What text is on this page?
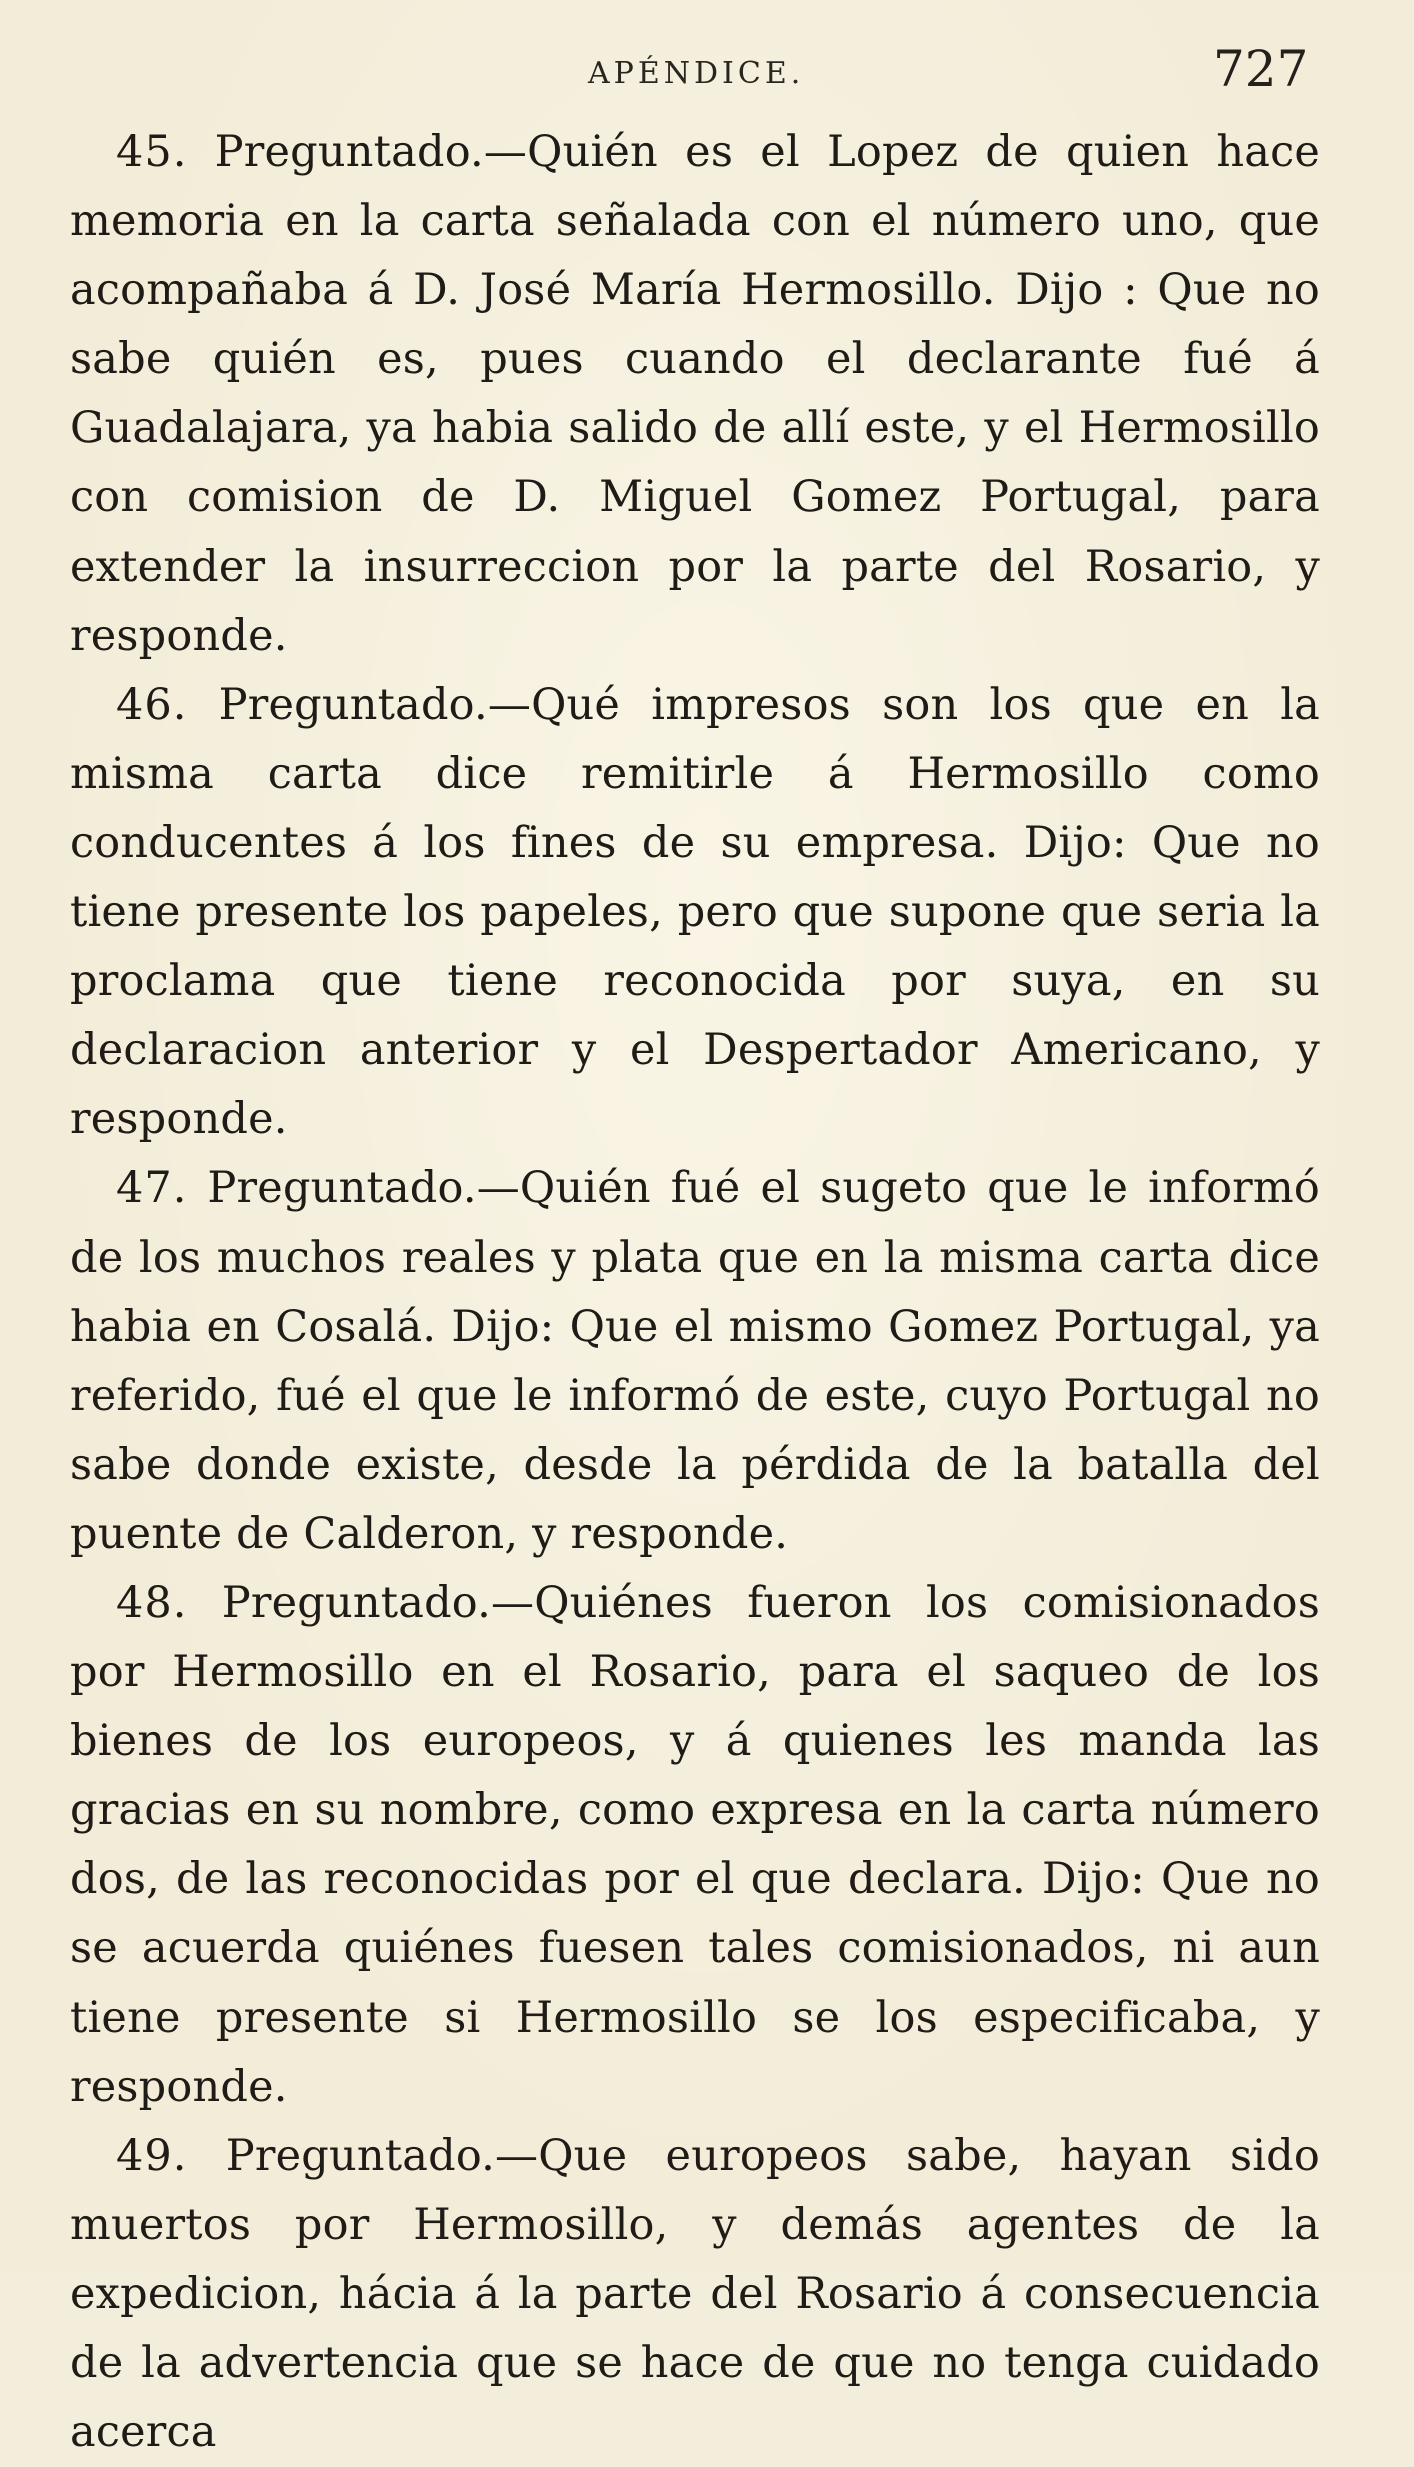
APÉNDICE.	727

45. Preguntado.—Quién es el Lopez de quien hace memoria en la carta señalada con el número uno, que acompañaba á D. José María Hermosillo. Dijo : Que no sabe quién es, pues cuando el declarante fué á Guadalajara, ya habia salido de allí este, y el Hermosillo con comision de D. Miguel Gomez Portugal, para extender la insurreccion por la parte del Rosario, y responde.

46. Preguntado.—Qué impresos son los que en la misma carta dice remitirle á Hermosillo como conducentes á los fines de su empresa. Dijo: Que no tiene presente los papeles, pero que supone que seria la proclama que tiene reconocida por suya, en su declaracion anterior y el Despertador Americano, y responde.

47. Preguntado.—Quién fué el sugeto que le informó de los muchos reales y plata que en la misma carta dice habia en Cosalá. Dijo: Que el mismo Gomez Portugal, ya referido, fué el que le informó de este, cuyo Portugal no sabe donde existe, desde la pérdida de la batalla del puente de Calderon, y responde.

48. Preguntado.—Quiénes fueron los comisionados por Hermosillo en el Rosario, para el saqueo de los bienes de los europeos, y á quienes les manda las gracias en su nombre, como expresa en la carta número dos, de las reconocidas por el que declara. Dijo: Que no se acuerda quiénes fuesen tales comisionados, ni aun tiene presente si Hermosillo se los especificaba, y responde.

49. Preguntado.—Que europeos sabe, hayan sido muertos por Hermosillo, y demás agentes de la expedicion, hácia á la parte del Rosario á consecuencia de la advertencia que se hace de que no tenga cuidado acerca
